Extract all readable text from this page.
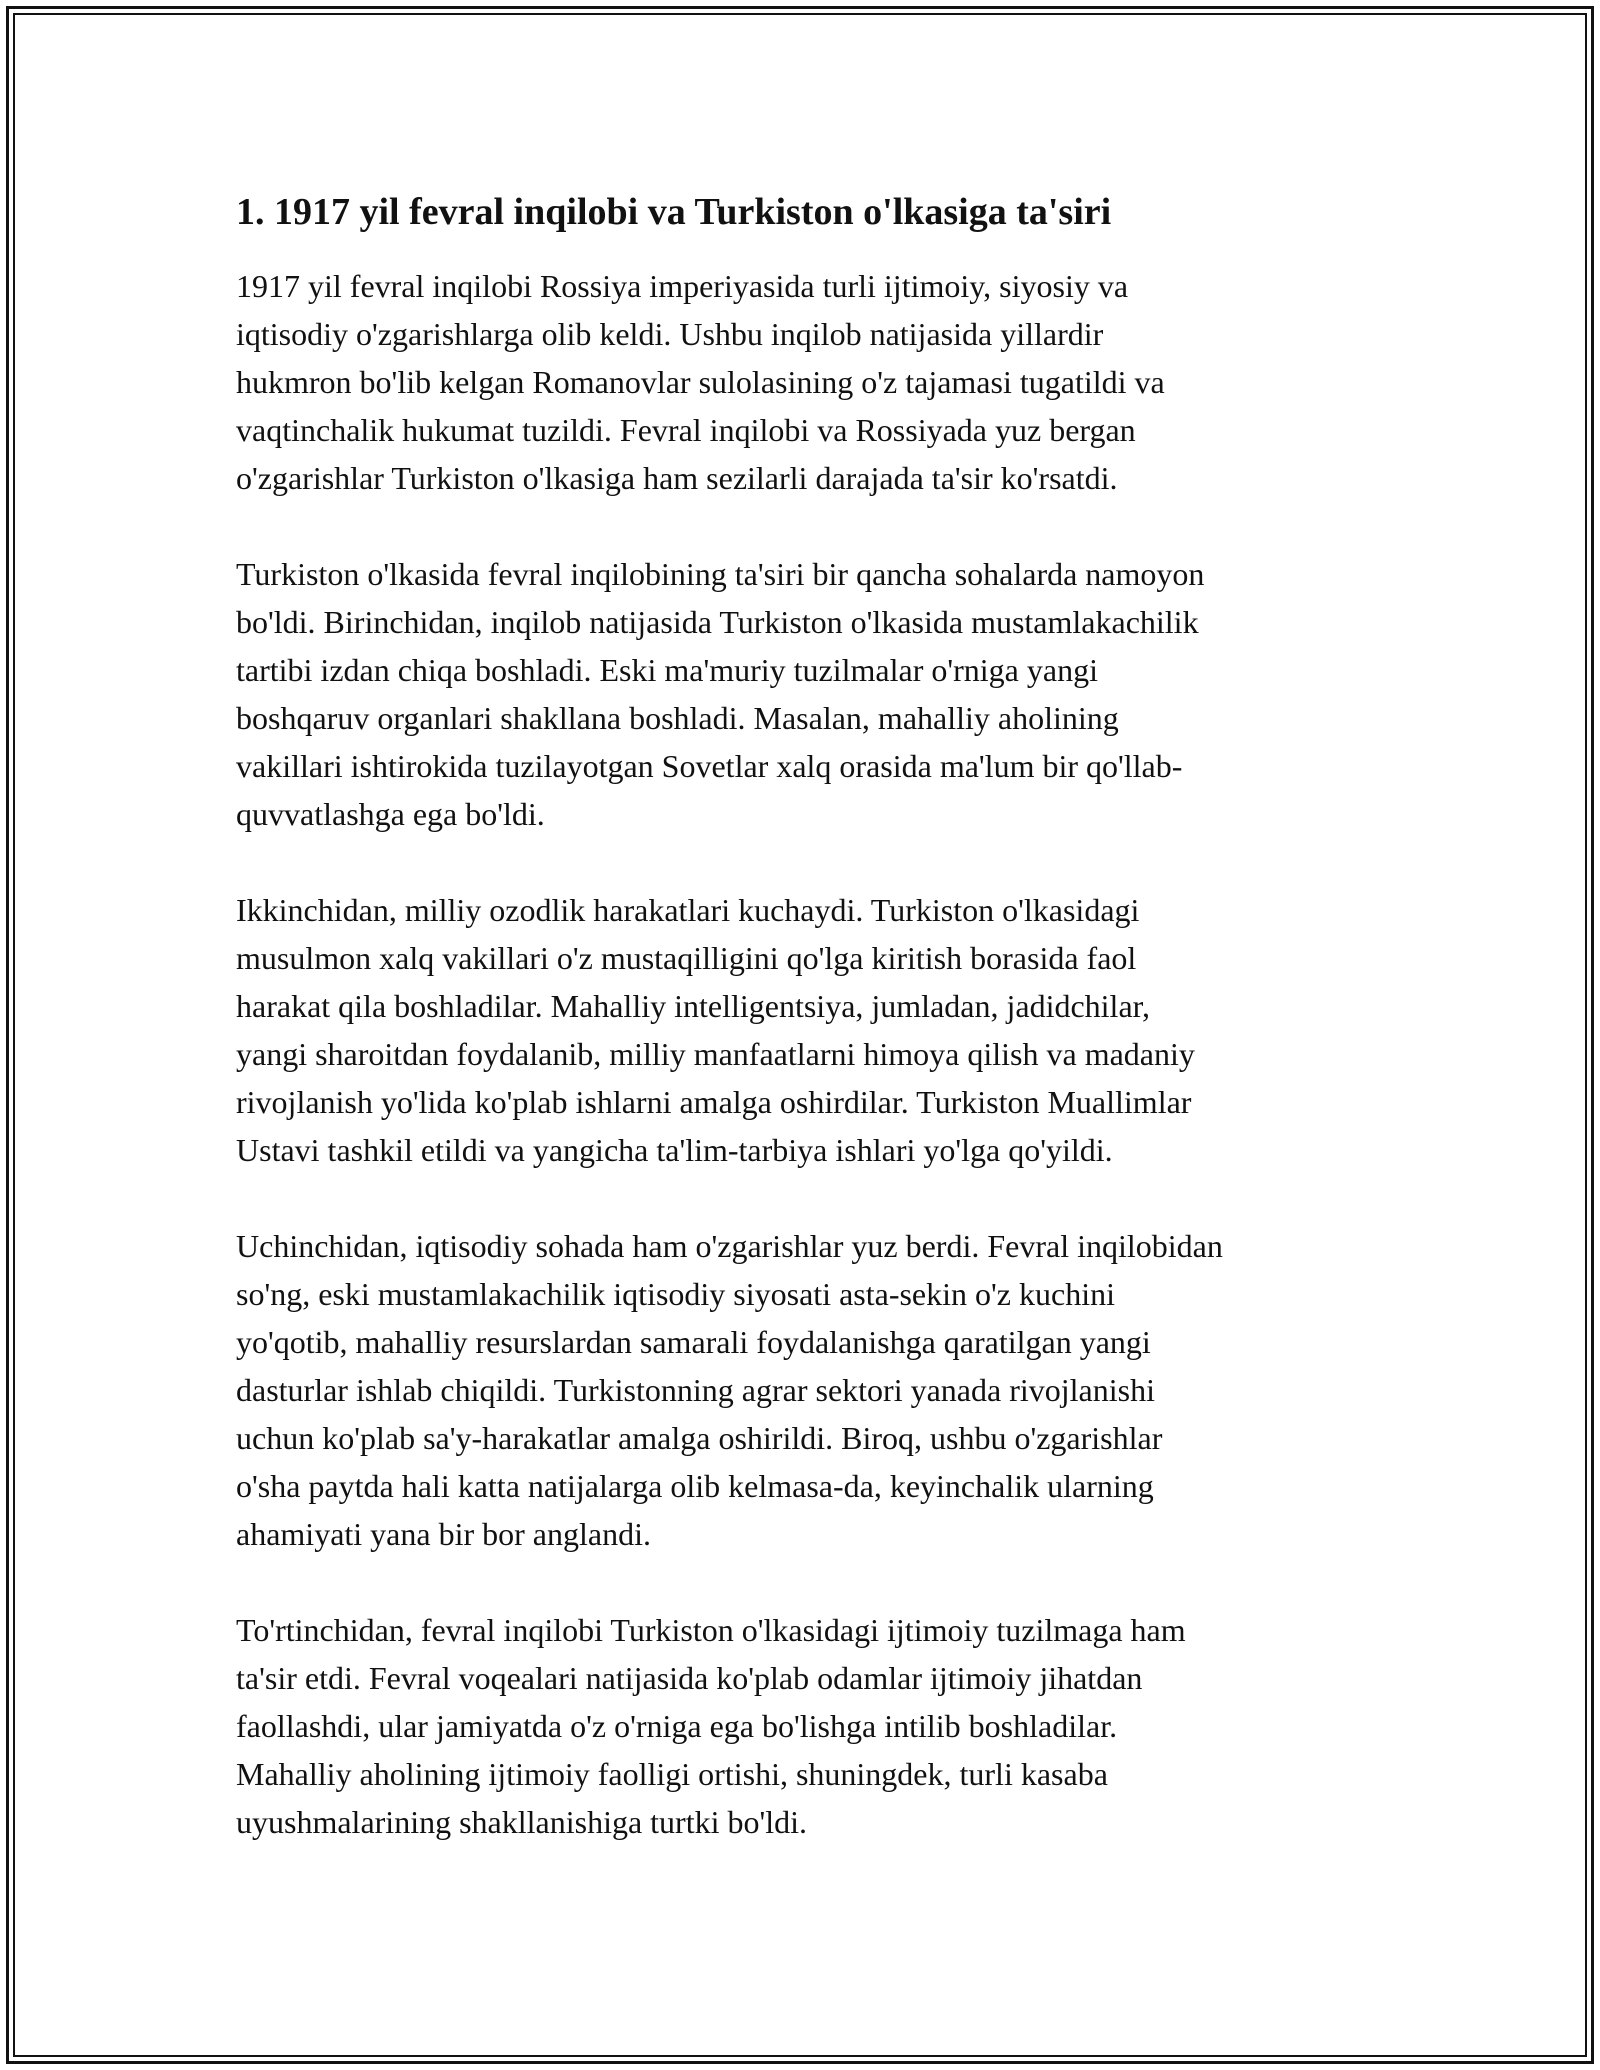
1. 1917 yil fevral inqilobi va Turkiston o'lkasiga ta'siri
1917 yil fevral inqilobi Rossiya imperiyasida turli ijtimoiy, siyosiy va
iqtisodiy o'zgarishlarga olib keldi. Ushbu inqilob natijasida yillardir
hukmron bo'lib kelgan Romanovlar sulolasining o'z tajamasi tugatildi va
vaqtinchalik hukumat tuzildi. Fevral inqilobi va Rossiyada yuz bergan
o'zgarishlar Turkiston o'lkasiga ham sezilarli darajada ta'sir ko'rsatdi.
Turkiston o'lkasida fevral inqilobining ta'siri bir qancha sohalarda namoyon
bo'ldi. Birinchidan, inqilob natijasida Turkiston o'lkasida mustamlakachilik
tartibi izdan chiqa boshladi. Eski ma'muriy tuzilmalar o'rniga yangi
boshqaruv organlari shakllana boshladi. Masalan, mahalliy aholining
vakillari ishtirokida tuzilayotgan Sovetlar xalq orasida ma'lum bir qo'llab-
quvvatlashga ega bo'ldi.
Ikkinchidan, milliy ozodlik harakatlari kuchaydi. Turkiston o'lkasidagi
musulmon xalq vakillari o'z mustaqilligini qo'lga kiritish borasida faol
harakat qila boshladilar. Mahalliy intelligentsiya, jumladan, jadidchilar,
yangi sharoitdan foydalanib, milliy manfaatlarni himoya qilish va madaniy
rivojlanish yo'lida ko'plab ishlarni amalga oshirdilar. Turkiston Muallimlar
Ustavi tashkil etildi va yangicha ta'lim-tarbiya ishlari yo'lga qo'yildi.
Uchinchidan, iqtisodiy sohada ham o'zgarishlar yuz berdi. Fevral inqilobidan
so'ng, eski mustamlakachilik iqtisodiy siyosati asta-sekin o'z kuchini
yo'qotib, mahalliy resurslardan samarali foydalanishga qaratilgan yangi
dasturlar ishlab chiqildi. Turkistonning agrar sektori yanada rivojlanishi
uchun ko'plab sa'y-harakatlar amalga oshirildi. Biroq, ushbu o'zgarishlar
o'sha paytda hali katta natijalarga olib kelmasa-da, keyinchalik ularning
ahamiyati yana bir bor anglandi.
To'rtinchidan, fevral inqilobi Turkiston o'lkasidagi ijtimoiy tuzilmaga ham
ta'sir etdi. Fevral voqealari natijasida ko'plab odamlar ijtimoiy jihatdan
faollashdi, ular jamiyatda o'z o'rniga ega bo'lishga intilib boshladilar.
Mahalliy aholining ijtimoiy faolligi ortishi, shuningdek, turli kasaba
uyushmalarining shakllanishiga turtki bo'ldi.
